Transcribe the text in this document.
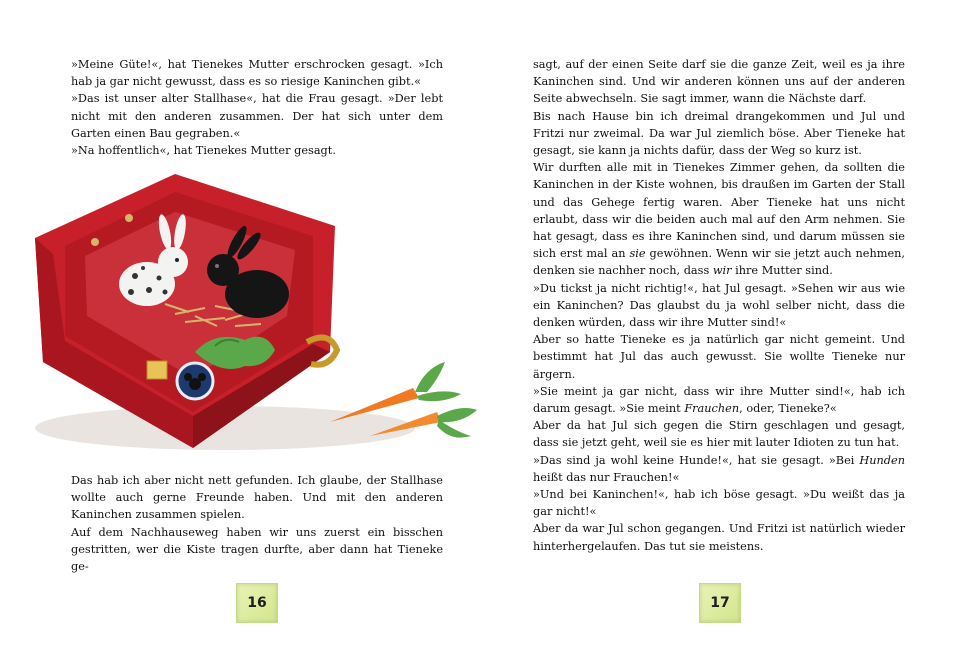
»Meine Güte!«, hat Tienekes Mutter erschrocken gesagt. »Ich hab ja gar nicht gewusst, dass es so riesige Kaninchen gibt.«

»Das ist unser alter Stallhase«, hat die Frau gesagt. »Der lebt nicht mit den anderen zusammen. Der hat sich unter dem Garten einen Bau gegraben.«

»Na hoffentlich«, hat Tienekes Mutter gesagt.

Das hab ich aber nicht nett gefunden. Ich glaube, der Stallhase wollte auch gerne Freunde haben. Und mit den anderen Kaninchen zusammen spielen.

Auf dem Nachhauseweg haben wir uns zuerst ein bisschen gestritten, wer die Kiste tragen durfte, aber dann hat Tieneke ge-

16

sagt, auf der einen Seite darf sie die ganze Zeit, weil es ja ihre Kaninchen sind. Und wir anderen können uns auf der anderen Seite abwechseln. Sie sagt immer, wann die Nächste darf.

Bis nach Hause bin ich dreimal drangekommen und Jul und Fritzi nur zweimal. Da war Jul ziemlich böse. Aber Tieneke hat gesagt, sie kann ja nichts dafür, dass der Weg so kurz ist.

Wir durften alle mit in Tienekes Zimmer gehen, da sollten die Kaninchen in der Kiste wohnen, bis draußen im Garten der Stall und das Gehege fertig waren. Aber Tieneke hat uns nicht erlaubt, dass wir die beiden auch mal auf den Arm nehmen. Sie hat gesagt, dass es ihre Kaninchen sind, und darum müssen sie sich erst mal an sie gewöhnen. Wenn wir sie jetzt auch nehmen, denken sie nachher noch, dass wir ihre Mutter sind.

»Du tickst ja nicht richtig!«, hat Jul gesagt. »Sehen wir aus wie ein Kaninchen? Das glaubst du ja wohl selber nicht, dass die denken würden, dass wir ihre Mutter sind!«

Aber so hatte Tieneke es ja natürlich gar nicht gemeint. Und bestimmt hat Jul das auch gewusst. Sie wollte Tieneke nur ärgern.

»Sie meint ja gar nicht, dass wir ihre Mutter sind!«, hab ich darum gesagt. »Sie meint Frauchen, oder, Tieneke?«

Aber da hat Jul sich gegen die Stirn geschlagen und gesagt, dass sie jetzt geht, weil sie es hier mit lauter Idioten zu tun hat.

»Das sind ja wohl keine Hunde!«, hat sie gesagt. »Bei Hunden heißt das nur Frauchen!«

»Und bei Kaninchen!«, hab ich böse gesagt. »Du weißt das ja gar nicht!«

Aber da war Jul schon gegangen. Und Fritzi ist natürlich wieder hinterhergelaufen. Das tut sie meistens.

17
